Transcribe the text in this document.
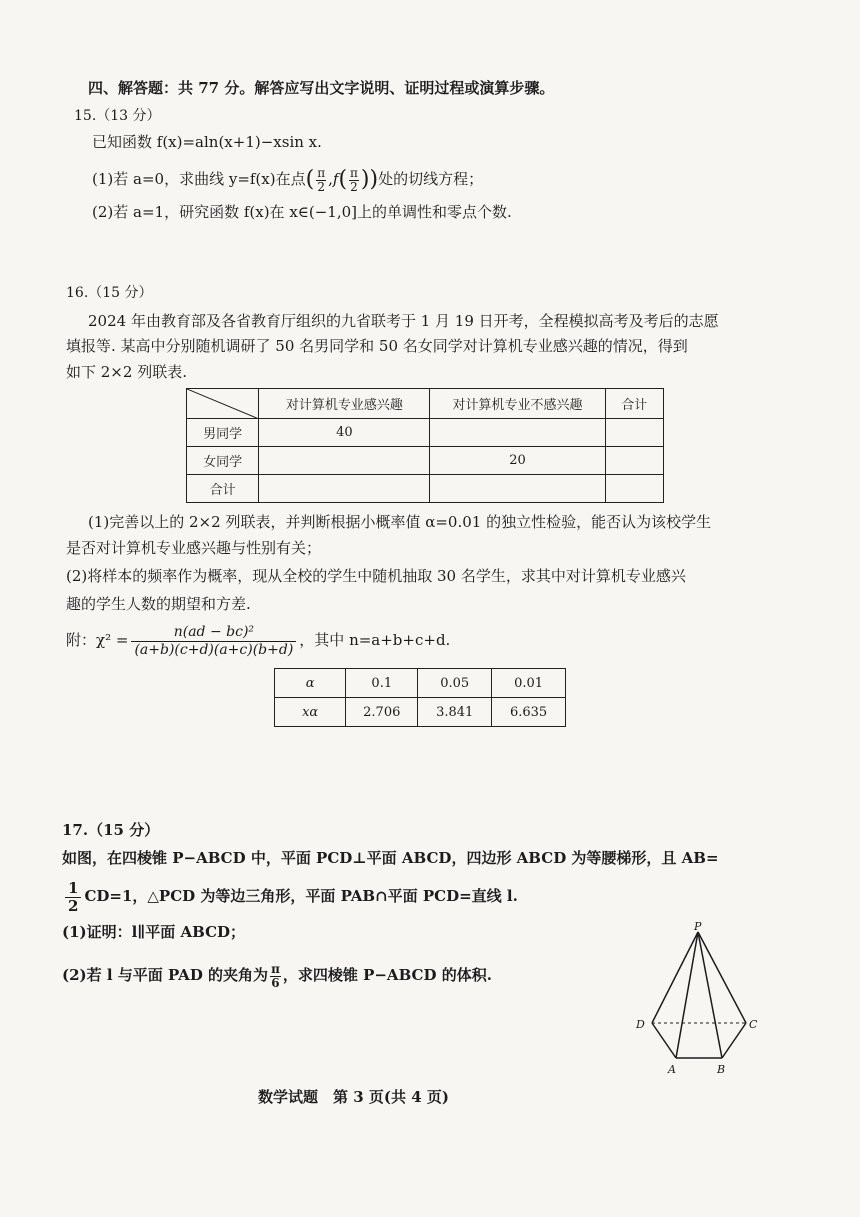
四、解答题：共 77 分。解答应写出文字说明、证明过程或演算步骤。
15.（13 分）
已知函数 f(x)=aln(x+1)−xsin x.
(1)若 a=0，求曲线 y=f(x)在点( $\frac{\pi}{2} ,f( \frac{\pi}{2}$ ))处的切线方程；
(2)若 a=1，研究函数 f(x)在 x∈(−1,0]上的单调性和零点个数.
16.（15 分）
2024 年由教育部及各省教育厅组织的九省联考于 1 月 19 日开考，全程模拟高考及考后的志愿
填报等. 某高中分别随机调研了 50 名男同学和 50 名女同学对计算机专业感兴趣的情况，得到
如下 2×2 列联表.
	对计算机专业感兴趣	对计算机专业不感兴趣	合计
男同学	40		
女同学		20	
合计			
(1)完善以上的 2×2 列联表，并判断根据小概率值 α=0.01 的独立性检验，能否认为该校学生
是否对计算机专业感兴趣与性别有关；
(2)将样本的频率作为概率，现从全校的学生中随机抽取 30 名学生，求其中对计算机专业感兴
趣的学生人数的期望和方差.
附：$\chi^2 = \frac{\text{n(ad − bc)²}}{(a+b)(c+d)(a+c)(b+d)}$ ，其中 n=a+b+c+d.
α	0.1	0.05	0.01
xα	2.706	3.841	6.635
17.（15 分）
如图，在四棱锥 P−ABCD 中，平面 PCD⊥平面 ABCD，四边形 ABCD 为等腰梯形，且 AB=
$\frac{1}{2} CD=1$，△PCD 为等边三角形，平面 PAB∩平面 PCD=直线 l.
(1)证明：l∥平面 ABCD；
(2)若 l 与平面 PAD 的夹角为 $\frac{\pi}{6}$ ，求四棱锥 P−ABCD 的体积.
P
D	C
A	B
数学试题　第 3 页(共 4 页)
